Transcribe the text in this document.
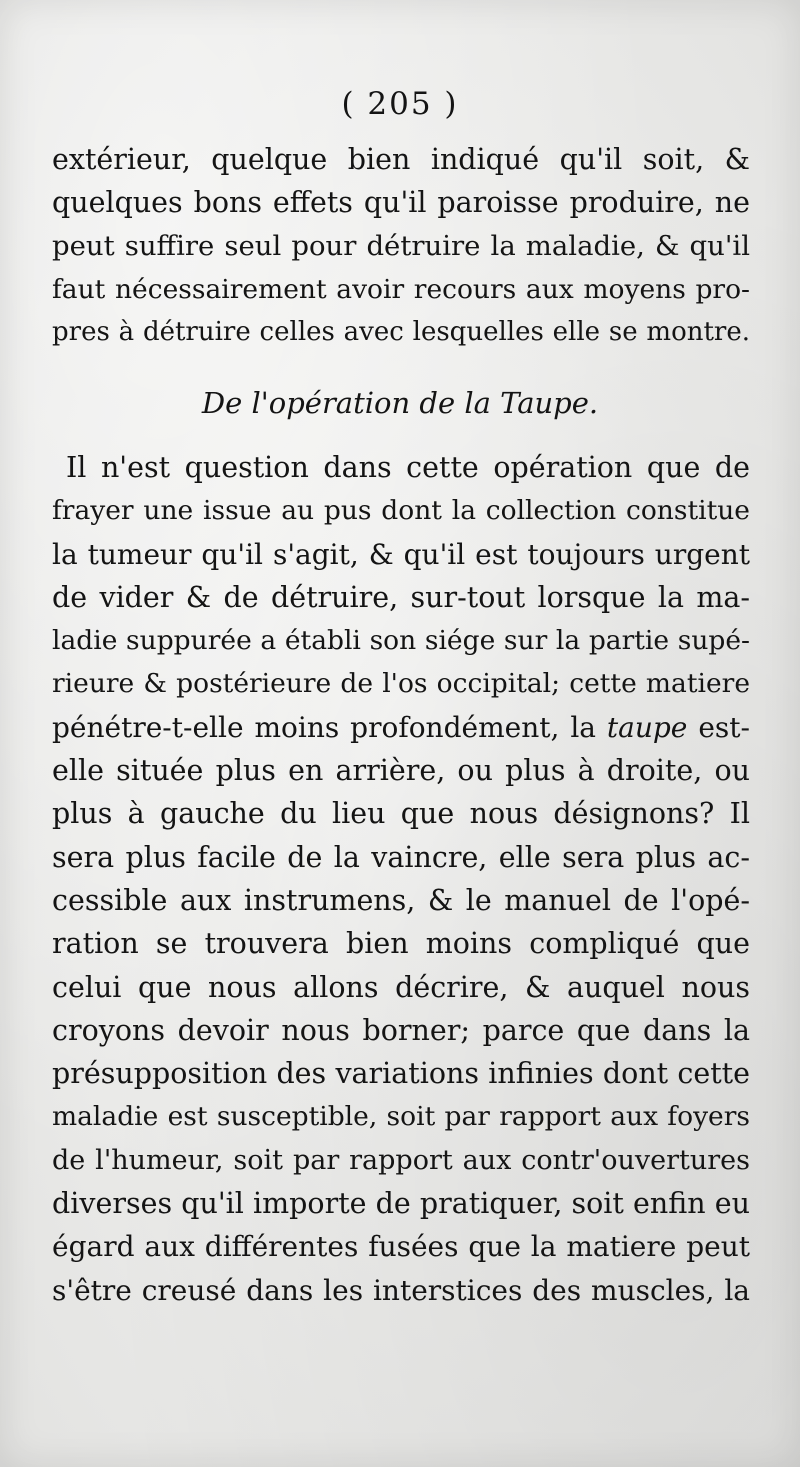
( 205 )
extérieur, quelque bien indiqué qu'il soit, &
quelques bons effets qu'il paroisse produire, ne
peut suffire seul pour détruire la maladie, & qu'il
faut nécessairement avoir recours aux moyens pro-
pres à détruire celles avec lesquelles elle se montre.
De l'opération de la Taupe.
Il n'est question dans cette opération que de
frayer une issue au pus dont la collection constitue
la tumeur qu'il s'agit, & qu'il est toujours urgent
de vider & de détruire, sur-tout lorsque la ma-
ladie suppurée a établi son siége sur la partie supé-
rieure & postérieure de l'os occipital; cette matiere
pénétre-t-elle moins profondément, la taupe est-
elle située plus en arrière, ou plus à droite, ou
plus à gauche du lieu que nous désignons? Il
sera plus facile de la vaincre, elle sera plus ac-
cessible aux instrumens, & le manuel de l'opé-
ration se trouvera bien moins compliqué que
celui que nous allons décrire, & auquel nous
croyons devoir nous borner; parce que dans la
présupposition des variations infinies dont cette
maladie est susceptible, soit par rapport aux foyers
de l'humeur, soit par rapport aux contr'ouvertures
diverses qu'il importe de pratiquer, soit enfin eu
égard aux différentes fusées que la matiere peut
s'être creusé dans les interstices des muscles, la
